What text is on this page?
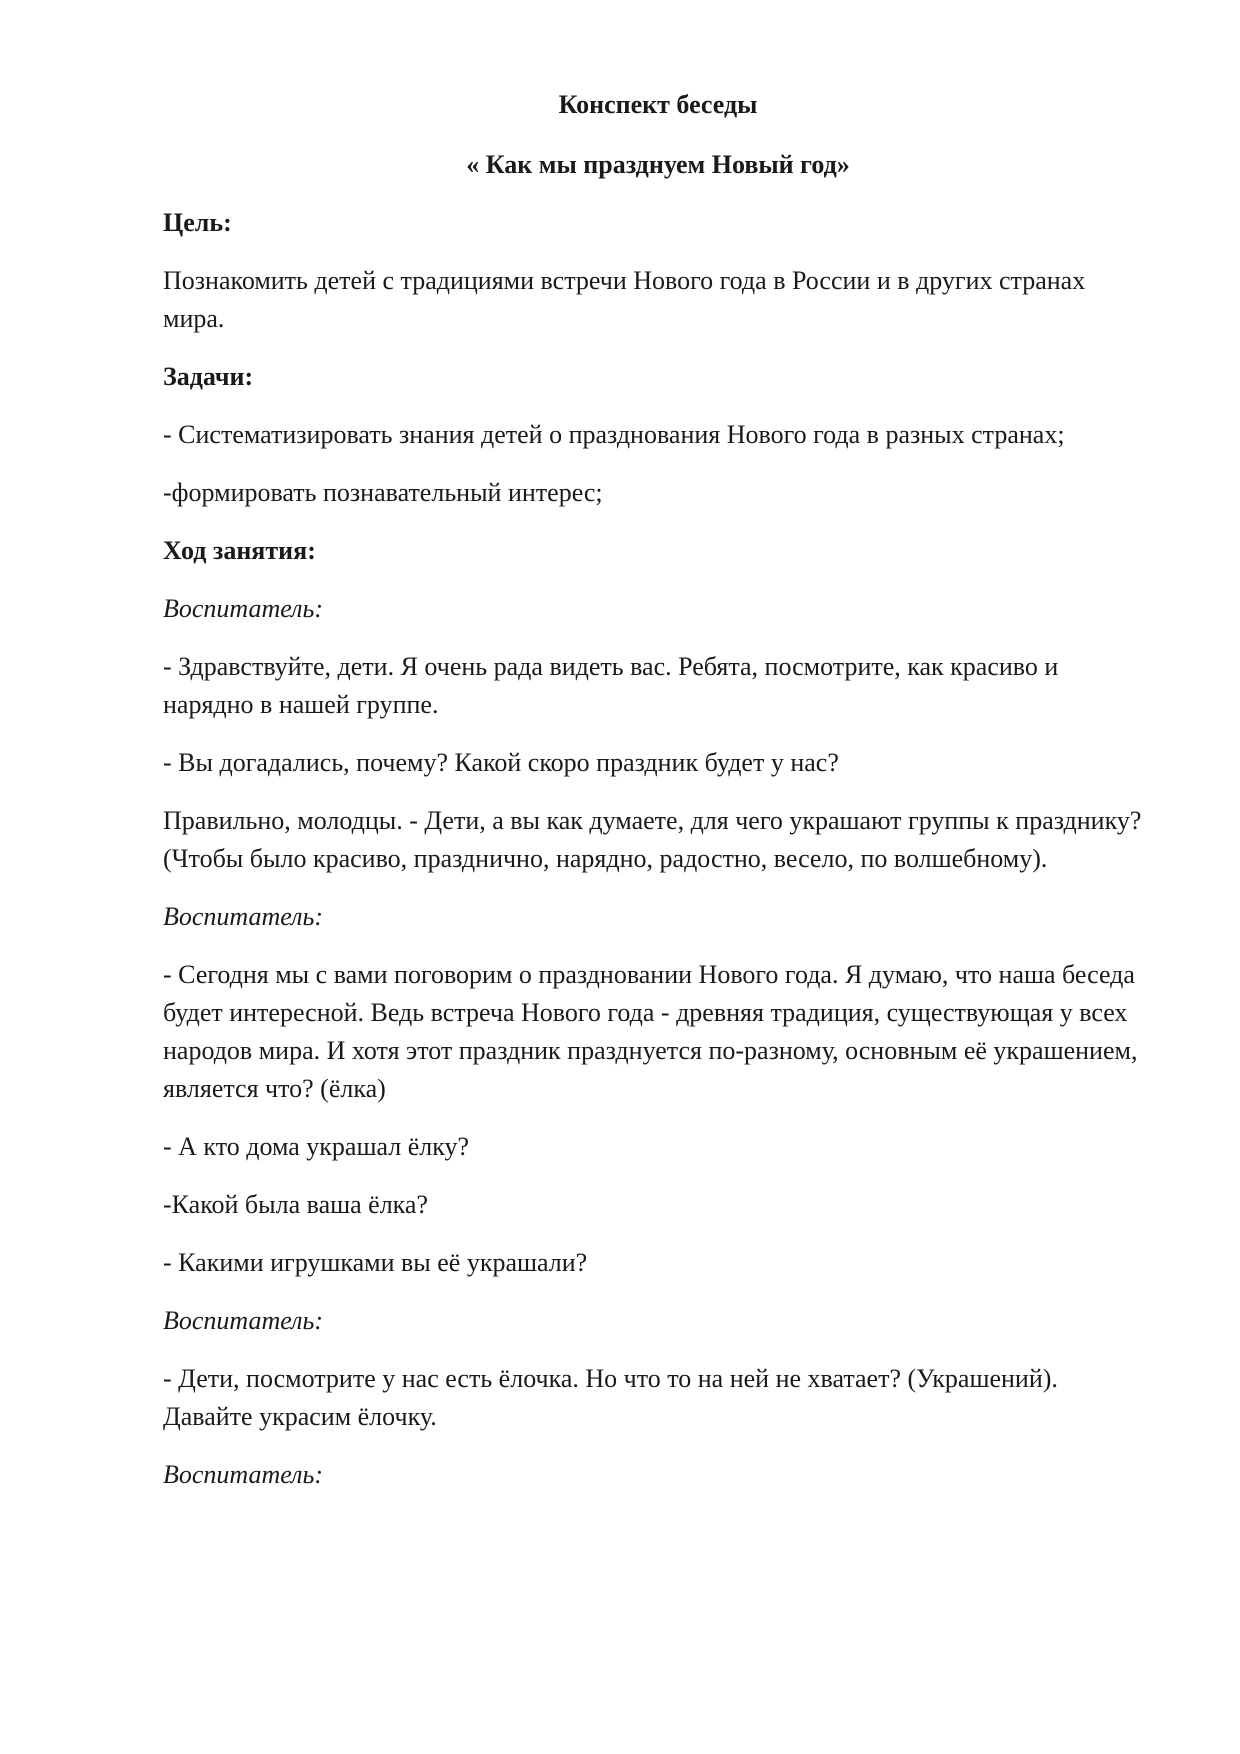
Конспект беседы

« Как мы празднуем Новый год»

Цель:

Познакомить детей с традициями встречи Нового года в России и в других странах мира.

Задачи:

- Систематизировать знания детей о празднования Нового года в разных странах;

-формировать познавательный интерес;

Ход занятия:

Воспитатель:

- Здравствуйте, дети. Я очень рада видеть вас. Ребята, посмотрите, как красиво и нарядно в нашей группе.

- Вы догадались, почему? Какой скоро праздник будет у нас?

Правильно, молодцы. - Дети, а вы как думаете, для чего украшают группы к празднику? (Чтобы было красиво, празднично, нарядно, радостно, весело, по волшебному).

Воспитатель:

- Сегодня мы с вами поговорим о праздновании Нового года. Я думаю, что наша беседа будет интересной. Ведь встреча Нового года - древняя традиция, существующая у всех народов мира. И хотя этот праздник празднуется по-разному, основным её украшением, является что? (ёлка)

- А кто дома украшал ёлку?

-Какой была ваша ёлка?

- Какими игрушками вы её украшали?

Воспитатель:

- Дети, посмотрите у нас есть ёлочка. Но что то на ней не хватает? (Украшений). Давайте украсим ёлочку.

Воспитатель:
